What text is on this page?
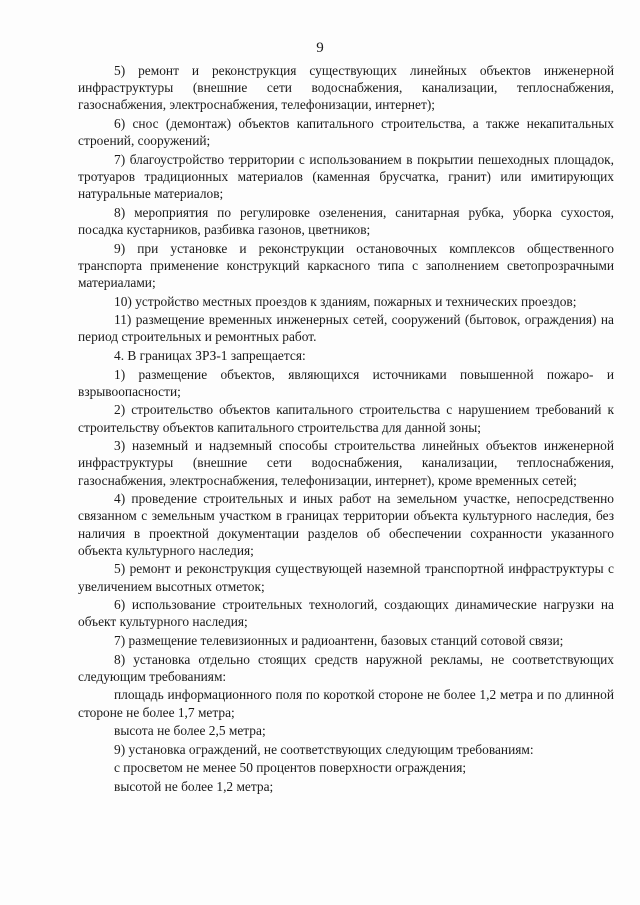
9

5) ремонт и реконструкция существующих линейных объектов инженерной инфраструктуры (внешние сети водоснабжения, канализации, теплоснабжения, газоснабжения, электроснабжения, телефонизации, интернет);

6) снос (демонтаж) объектов капитального строительства, а также некапитальных строений, сооружений;

7) благоустройство территории с использованием в покрытии пешеходных площадок, тротуаров традиционных материалов (каменная брусчатка, гранит) или имитирующих натуральные материалов;

8) мероприятия по регулировке озеленения, санитарная рубка, уборка сухостоя, посадка кустарников, разбивка газонов, цветников;

9) при установке и реконструкции остановочных комплексов общественного транспорта применение конструкций каркасного типа с заполнением светопрозрачными материалами;

10) устройство местных проездов к зданиям, пожарных и технических проездов;

11) размещение временных инженерных сетей, сооружений (бытовок, ограждения) на период строительных и ремонтных работ.

4. В границах ЗРЗ-1 запрещается:

1) размещение объектов, являющихся источниками повышенной пожаро- и взрывоопасности;

2) строительство объектов капитального строительства с нарушением требований к строительству объектов капитального строительства для данной зоны;

3) наземный и надземный способы строительства линейных объектов инженерной инфраструктуры (внешние сети водоснабжения, канализации, теплоснабжения, газоснабжения, электроснабжения, телефонизации, интернет), кроме временных сетей;

4) проведение строительных и иных работ на земельном участке, непосредственно связанном с земельным участком в границах территории объекта культурного наследия, без наличия в проектной документации разделов об обеспечении сохранности указанного объекта культурного наследия;

5) ремонт и реконструкция существующей наземной транспортной инфраструктуры с увеличением высотных отметок;

6) использование строительных технологий, создающих динамические нагрузки на объект культурного наследия;

7) размещение телевизионных и радиоантенн, базовых станций сотовой связи;

8) установка отдельно стоящих средств наружной рекламы, не соответствующих следующим требованиям:

площадь информационного поля по короткой стороне не более 1,2 метра и по длинной стороне не более 1,7 метра;

высота не более 2,5 метра;

9) установка ограждений, не соответствующих следующим требованиям:

с просветом не менее 50 процентов поверхности ограждения;

высотой не более 1,2 метра;
